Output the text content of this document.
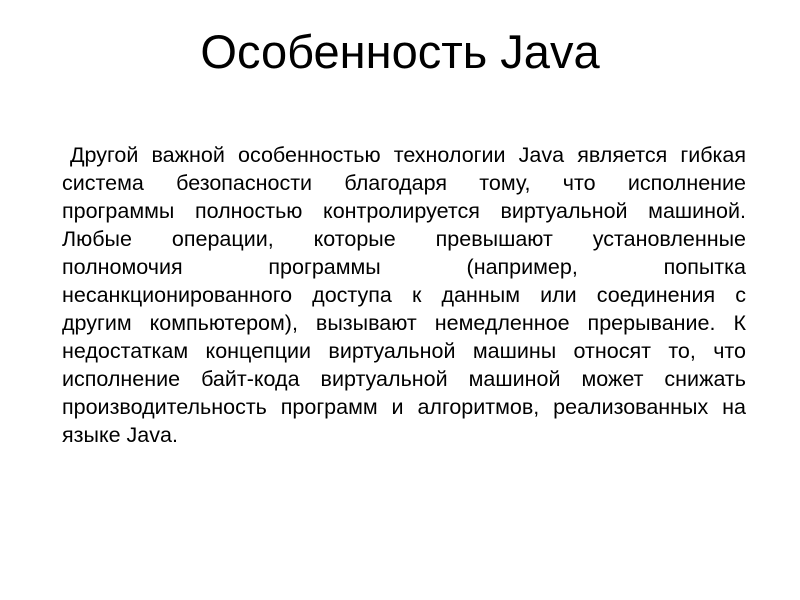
Особенность Java
Другой важной особенностью технологии Java является гибкая
система безопасности благодаря тому, что исполнение
программы полностью контролируется виртуальной машиной.
Любые операции, которые превышают установленные
полномочия программы (например, попытка
несанкционированного доступа к данным или соединения с
другим компьютером), вызывают немедленное прерывание. К
недостаткам концепции виртуальной машины относят то, что
исполнение байт-кода виртуальной машиной может снижать
производительность программ и алгоритмов, реализованных на
языке Java.
